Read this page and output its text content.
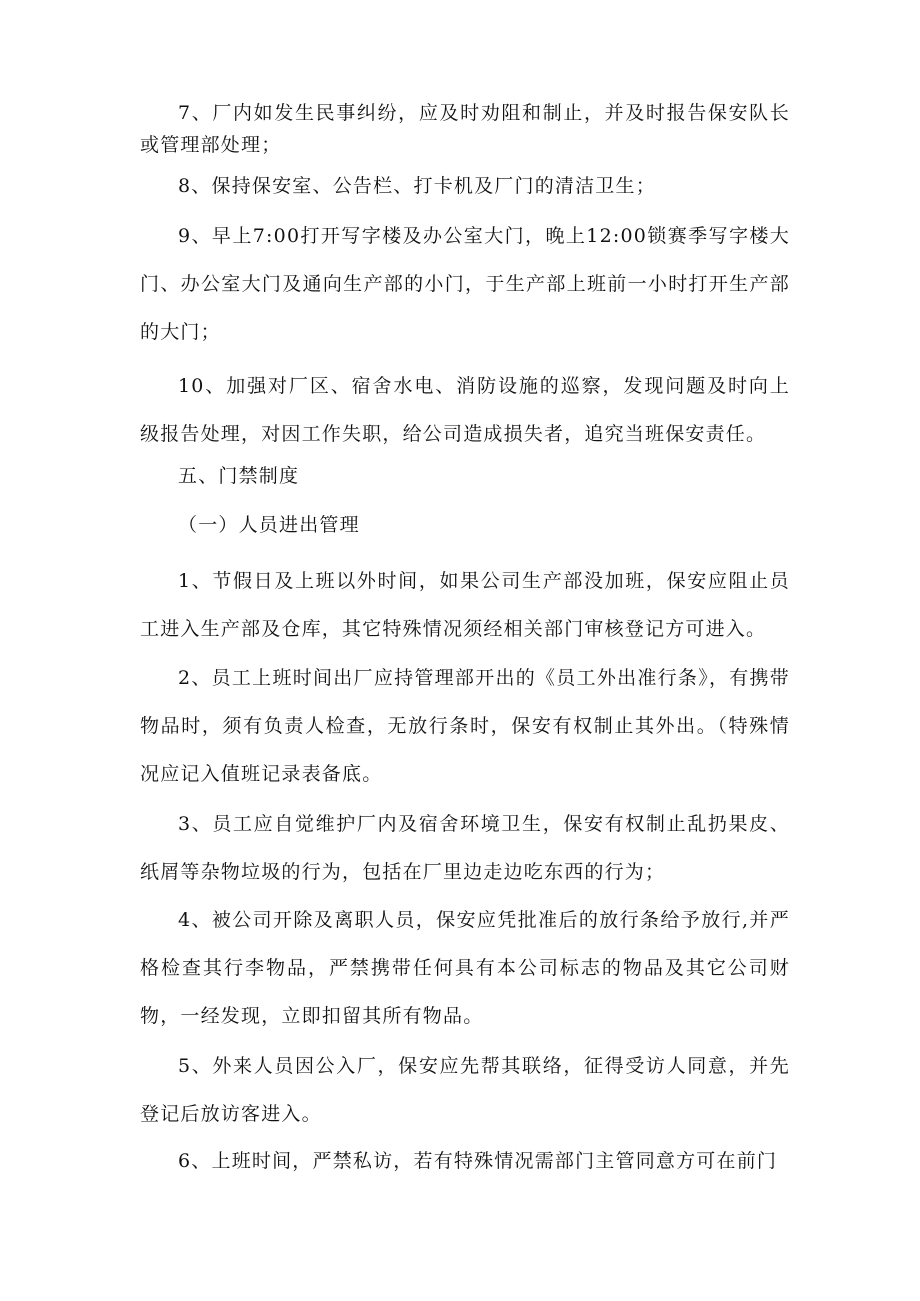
7、厂内如发生民事纠纷，应及时劝阻和制止，并及时报告保安队长或管理部处理；

8、保持保安室、公告栏、打卡机及厂门的清洁卫生；

9、早上7:00打开写字楼及办公室大门，晚上12:00锁赛季写字楼大门、办公室大门及通向生产部的小门，于生产部上班前一小时打开生产部的大门；

10、加强对厂区、宿舍水电、消防设施的巡察，发现问题及时向上级报告处理，对因工作失职，给公司造成损失者，追究当班保安责任。

五、门禁制度

（一）人员进出管理

1、节假日及上班以外时间，如果公司生产部没加班，保安应阻止员工进入生产部及仓库，其它特殊情况须经相关部门审核登记方可进入。

2、员工上班时间出厂应持管理部开出的《员工外出准行条》，有携带物品时，须有负责人检查，无放行条时，保安有权制止其外出。（特殊情况应记入值班记录表备底。

3、员工应自觉维护厂内及宿舍环境卫生，保安有权制止乱扔果皮、纸屑等杂物垃圾的行为，包括在厂里边走边吃东西的行为；

4、被公司开除及离职人员，保安应凭批准后的放行条给予放行,并严格检查其行李物品，严禁携带任何具有本公司标志的物品及其它公司财物，一经发现，立即扣留其所有物品。

5、外来人员因公入厂，保安应先帮其联络，征得受访人同意，并先登记后放访客进入。

6、上班时间，严禁私访，若有特殊情况需部门主管同意方可在前门
